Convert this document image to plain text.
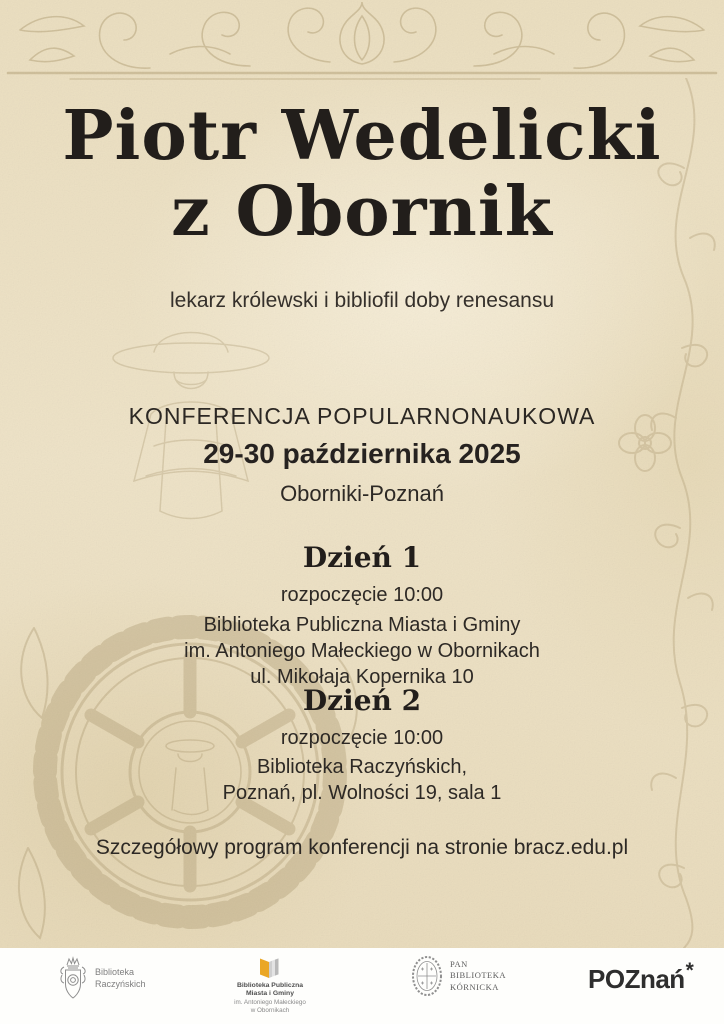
Piotr Wedelicki
z Obornik
lekarz królewski i bibliofil doby renesansu
KONFERENCJA POPULARNONAUKOWA
29-30 października 2025
Oborniki-Poznań
Dzień 1
rozpoczęcie 10:00
Biblioteka Publiczna Miasta i Gminy
im. Antoniego Małeckiego w Obornikach
ul. Mikołaja Kopernika 10
Dzień 2
rozpoczęcie 10:00
Biblioteka Raczyńskich,
Poznań, pl. Wolności 19, sala 1
Szczegółowy program konferencji na stronie bracz.edu.pl
Biblioteka
Raczyńskich	Biblioteka Publiczna
Miasta i Gminy
im. Antoniego Małeckiego
w Obornikach
PAN
BIBLIOTEKA
KÓRNICKA	POZnań *
